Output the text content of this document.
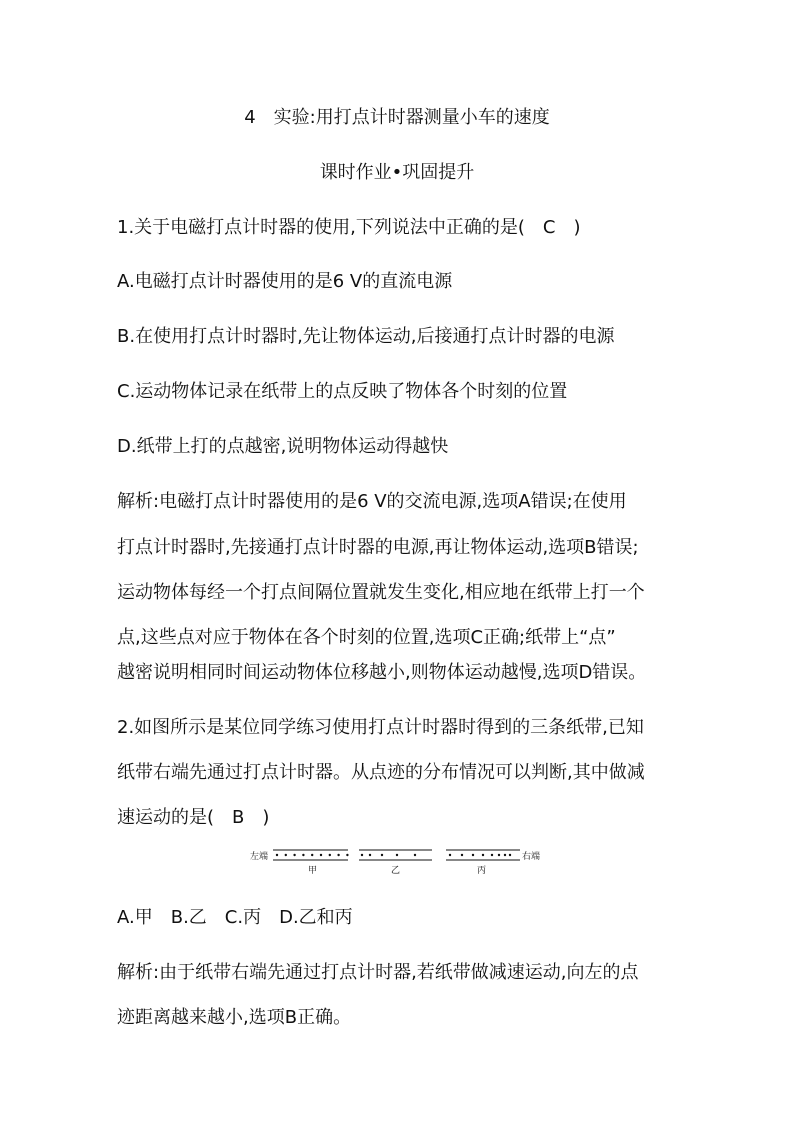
4　实验:用打点计时器测量小车的速度
课时作业•巩固提升
1.关于电磁打点计时器的使用,下列说法中正确的是(　C　)
A.电磁打点计时器使用的是6 V的直流电源
B.在使用打点计时器时,先让物体运动,后接通打点计时器的电源
C.运动物体记录在纸带上的点反映了物体各个时刻的位置
D.纸带上打的点越密,说明物体运动得越快
解析:电磁打点计时器使用的是6 V的交流电源,选项A错误;在使用
打点计时器时,先接通打点计时器的电源,再让物体运动,选项B错误;
运动物体每经一个打点间隔位置就发生变化,相应地在纸带上打一个
点,这些点对应于物体在各个时刻的位置,选项C正确;纸带上“点”
越密说明相同时间运动物体位移越小,则物体运动越慢,选项D错误。
2.如图所示是某位同学练习使用打点计时器时得到的三条纸带,已知
纸带右端先通过打点计时器。从点迹的分布情况可以判断,其中做减
速运动的是(　B　)
左端	右端
甲	乙	丙
A.甲　B.乙　C.丙　D.乙和丙
解析:由于纸带右端先通过打点计时器,若纸带做减速运动,向左的点
迹距离越来越小,选项B正确。
